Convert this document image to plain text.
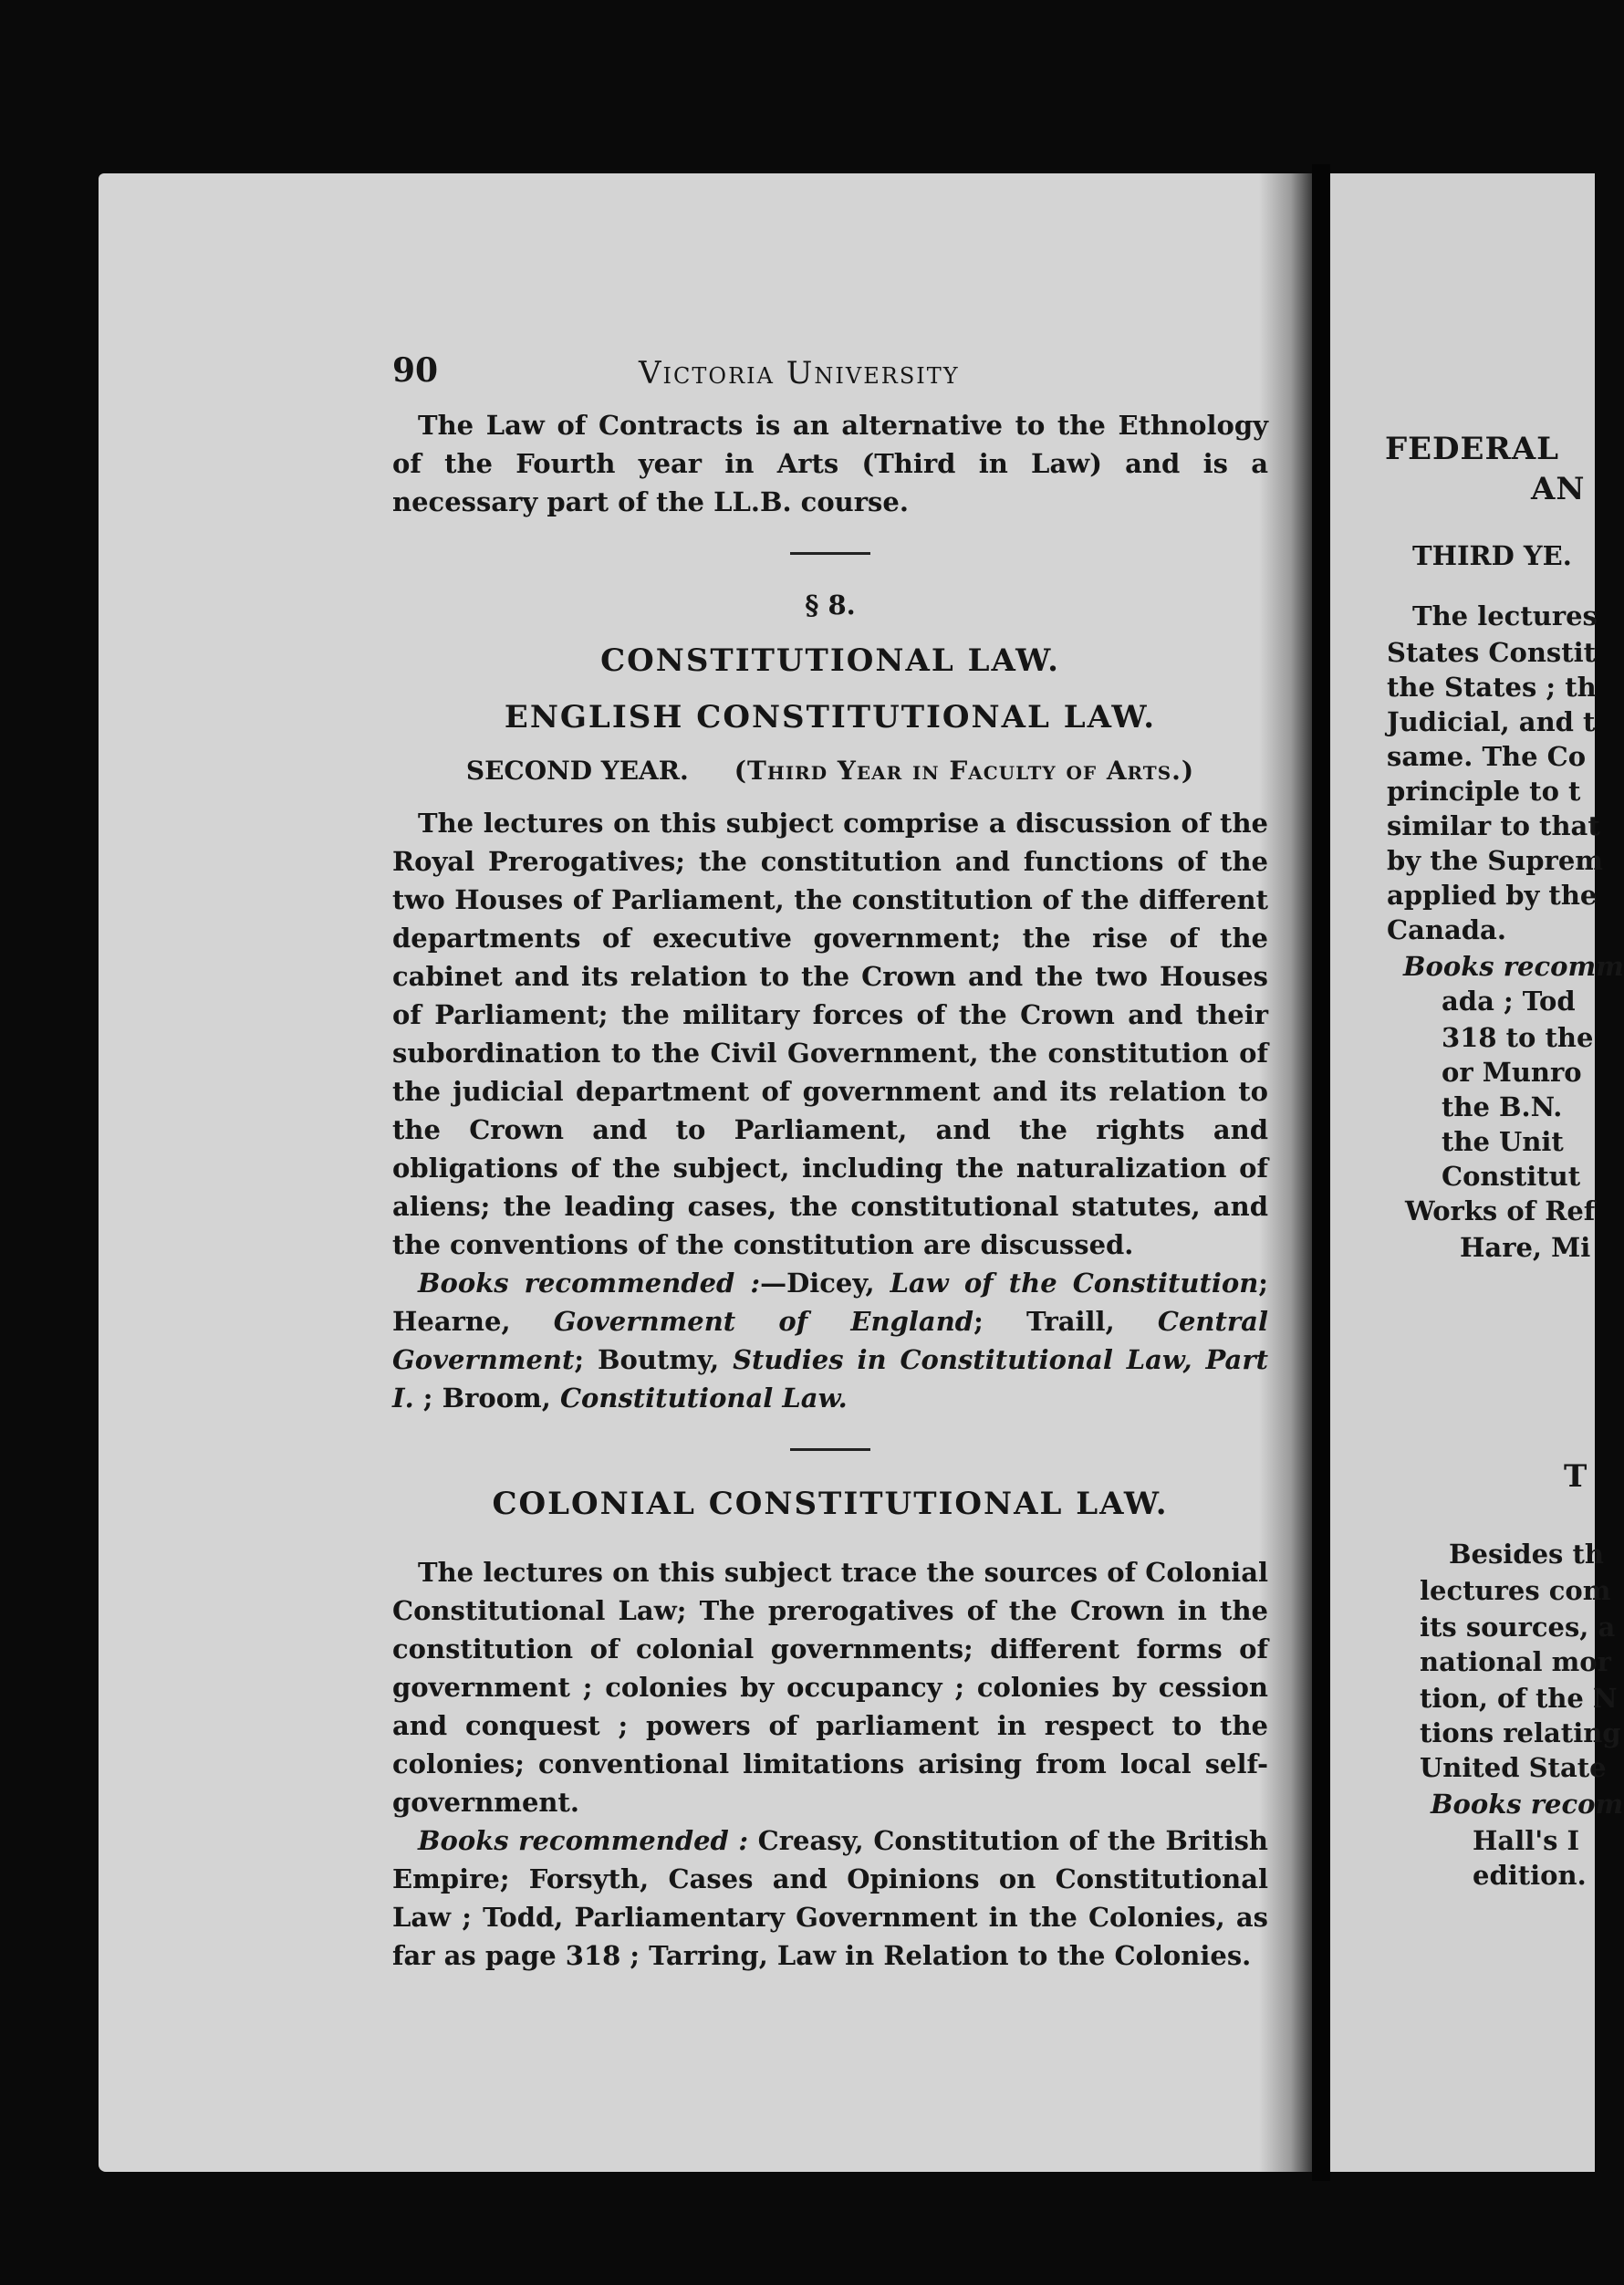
90	Victoria University

The Law of Contracts is an alternative to the Ethnology of the Fourth year in Arts (Third in Law) and is a necessary part of the LL.B. course.

§ 8.
CONSTITUTIONAL LAW.
ENGLISH CONSTITUTIONAL LAW.
SECOND YEAR. (Third Year in Faculty of Arts.)

The lectures on this subject comprise a discussion of the Royal Prerogatives; the constitution and functions of the two Houses of Parliament, the constitution of the different departments of executive government; the rise of the cabinet and its relation to the Crown and the two Houses of Parliament; the military forces of the Crown and their subordination to the Civil Government, the constitution of the judicial department of government and its relation to the Crown and to Parliament, and the rights and obligations of the subject, including the naturalization of aliens; the leading cases, the constitutional statutes, and the conventions of the constitution are discussed.

Books recommended :—Dicey, Law of the Constitution; Hearne, Government of England; Traill, Central Government; Boutmy, Studies in Constitutional Law, Part I. ; Broom, Constitutional Law.

COLONIAL CONSTITUTIONAL LAW.

The lectures on this subject trace the sources of Colonial Constitutional Law; The prerogatives of the Crown in the constitution of colonial governments; different forms of government ; colonies by occupancy ; colonies by cession and conquest ; powers of parliament in respect to the colonies; conventional limitations arising from local self-government.

Books recommended : Creasy, Constitution of the British Empire; Forsyth, Cases and Opinions on Constitutional Law ; Todd, Parliamentary Government in the Colonies, as far as page 318 ; Tarring, Law in Relation to the Colonies.

FEDERAL
AN
THIRD YE.
The lectures
States Constit
the States ; th
Judicial, and t
same. The Co
principle to t
similar to that
by the Suprem
applied by the
Canada.
Books recomm
ada ; Tod
318 to the
or Munro
the B.N.
the Unit
Constitut
Works of Ref
Hare, Mi
T
Besides th
lectures com
its sources, a
national mor
tion, of the N
tions relating
United State
Books recom
Hall's I
edition.
